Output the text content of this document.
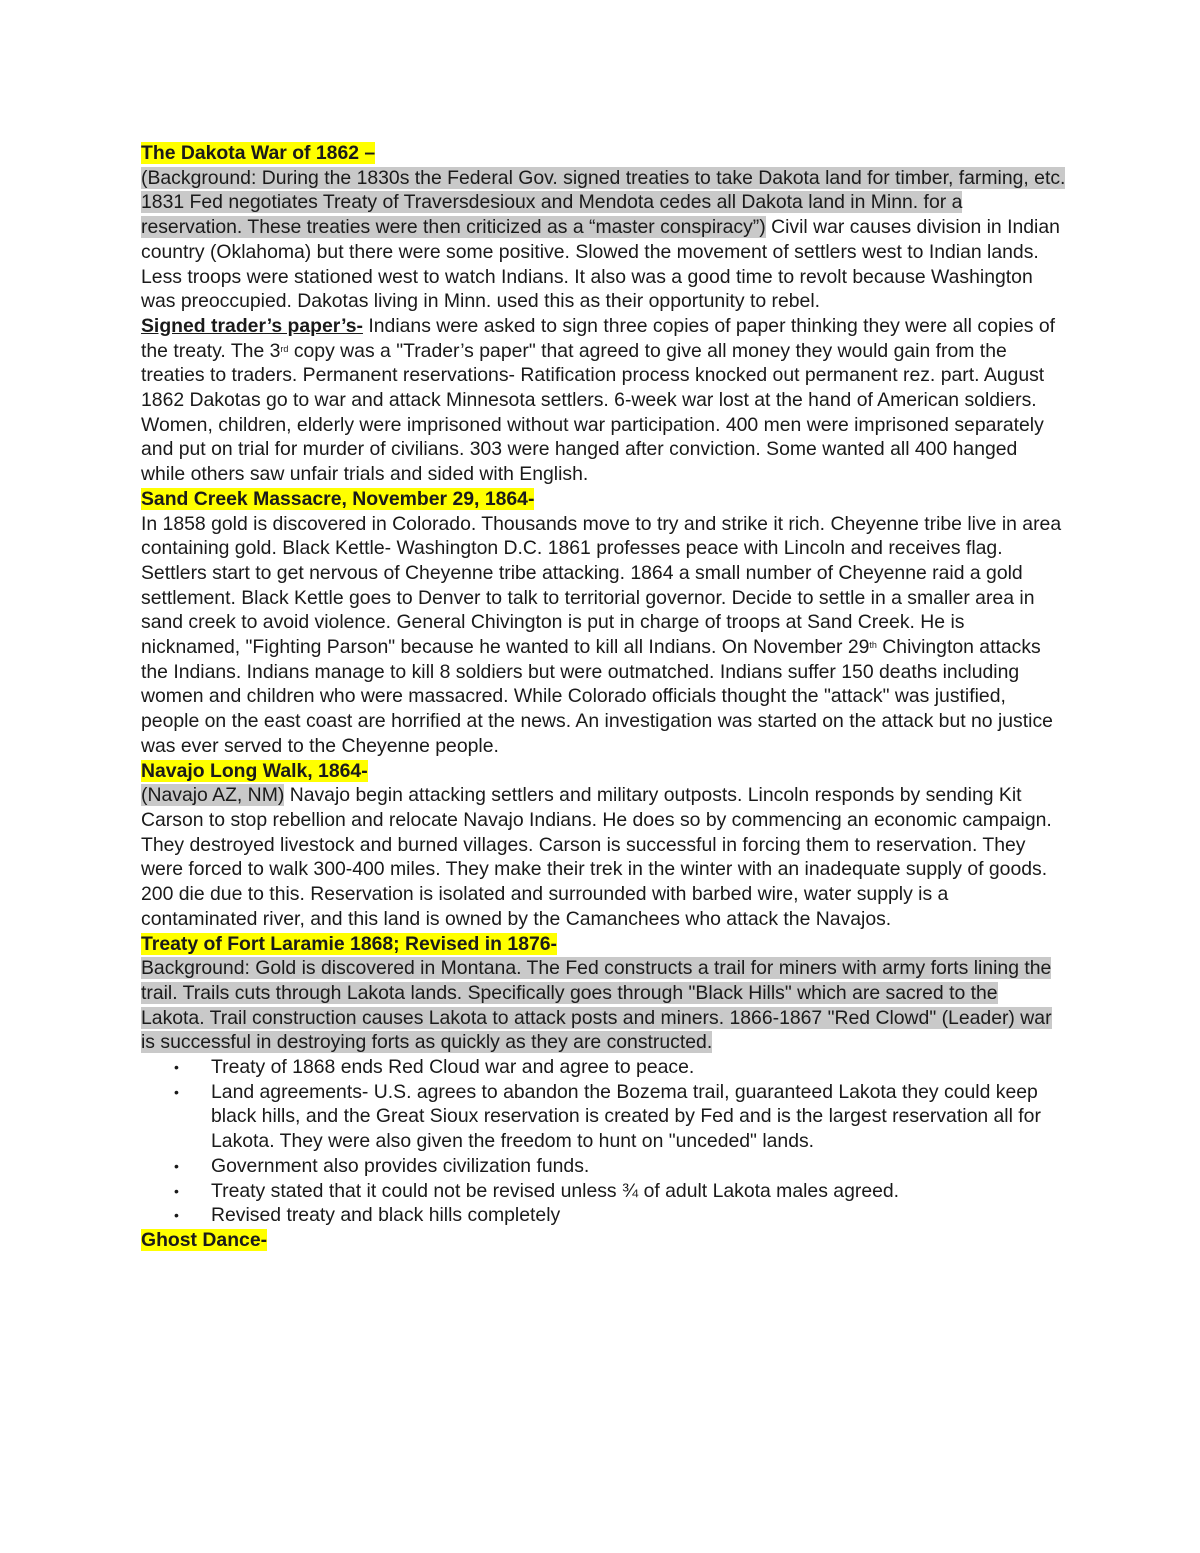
The Dakota War of 1862 –
(Background: During the 1830s the Federal Gov. signed treaties to take Dakota land for timber, farming, etc. 1831 Fed negotiates Treaty of Traversdesioux and Mendota cedes all Dakota land in Minn. for a reservation. These treaties were then criticized as a “master conspiracy”) Civil war causes division in Indian country (Oklahoma) but there were some positive. Slowed the movement of settlers west to Indian lands. Less troops were stationed west to watch Indians. It also was a good time to revolt because Washington was preoccupied. Dakotas living in Minn. used this as their opportunity to rebel.

Signed trader’s paper’s- Indians were asked to sign three copies of paper thinking they were all copies of the treaty. The 3rd copy was a "Trader’s paper" that agreed to give all money they would gain from the treaties to traders. Permanent reservations- Ratification process knocked out permanent rez. part. August 1862 Dakotas go to war and attack Minnesota settlers. 6-week war lost at the hand of American soldiers. Women, children, elderly were imprisoned without war participation. 400 men were imprisoned separately and put on trial for murder of civilians. 303 were hanged after conviction. Some wanted all 400 hanged while others saw unfair trials and sided with English.

Sand Creek Massacre, November 29, 1864-

In 1858 gold is discovered in Colorado. Thousands move to try and strike it rich. Cheyenne tribe live in area containing gold. Black Kettle- Washington D.C. 1861 professes peace with Lincoln and receives flag. Settlers start to get nervous of Cheyenne tribe attacking. 1864 a small number of Cheyenne raid a gold settlement. Black Kettle goes to Denver to talk to territorial governor. Decide to settle in a smaller area in sand creek to avoid violence. General Chivington is put in charge of troops at Sand Creek. He is nicknamed, "Fighting Parson" because he wanted to kill all Indians. On November 29th Chivington attacks the Indians. Indians manage to kill 8 soldiers but were outmatched. Indians suffer 150 deaths including women and children who were massacred. While Colorado officials thought the "attack" was justified, people on the east coast are horrified at the news. An investigation was started on the attack but no justice was ever served to the Cheyenne people.

Navajo Long Walk, 1864-

(Navajo AZ, NM) Navajo begin attacking settlers and military outposts. Lincoln responds by sending Kit Carson to stop rebellion and relocate Navajo Indians. He does so by commencing an economic campaign. They destroyed livestock and burned villages. Carson is successful in forcing them to reservation. They were forced to walk 300-400 miles. They make their trek in the winter with an inadequate supply of goods. 200 die due to this. Reservation is isolated and surrounded with barbed wire, water supply is a contaminated river, and this land is owned by the Camanchees who attack the Navajos.

Treaty of Fort Laramie 1868; Revised in 1876-

Background: Gold is discovered in Montana. The Fed constructs a trail for miners with army forts lining the trail. Trails cuts through Lakota lands. Specifically goes through "Black Hills" which are sacred to the Lakota. Trail construction causes Lakota to attack posts and miners. 1866-1867 "Red Clowd" (Leader) war is successful in destroying forts as quickly as they are constructed.

• Treaty of 1868 ends Red Cloud war and agree to peace.
• Land agreements- U.S. agrees to abandon the Bozema trail, guaranteed Lakota they could keep black hills, and the Great Sioux reservation is created by Fed and is the largest reservation all for Lakota. They were also given the freedom to hunt on "unceded" lands.
• Government also provides civilization funds.
• Treaty stated that it could not be revised unless ¾ of adult Lakota males agreed.
• Revised treaty and black hills completely

Ghost Dance-
